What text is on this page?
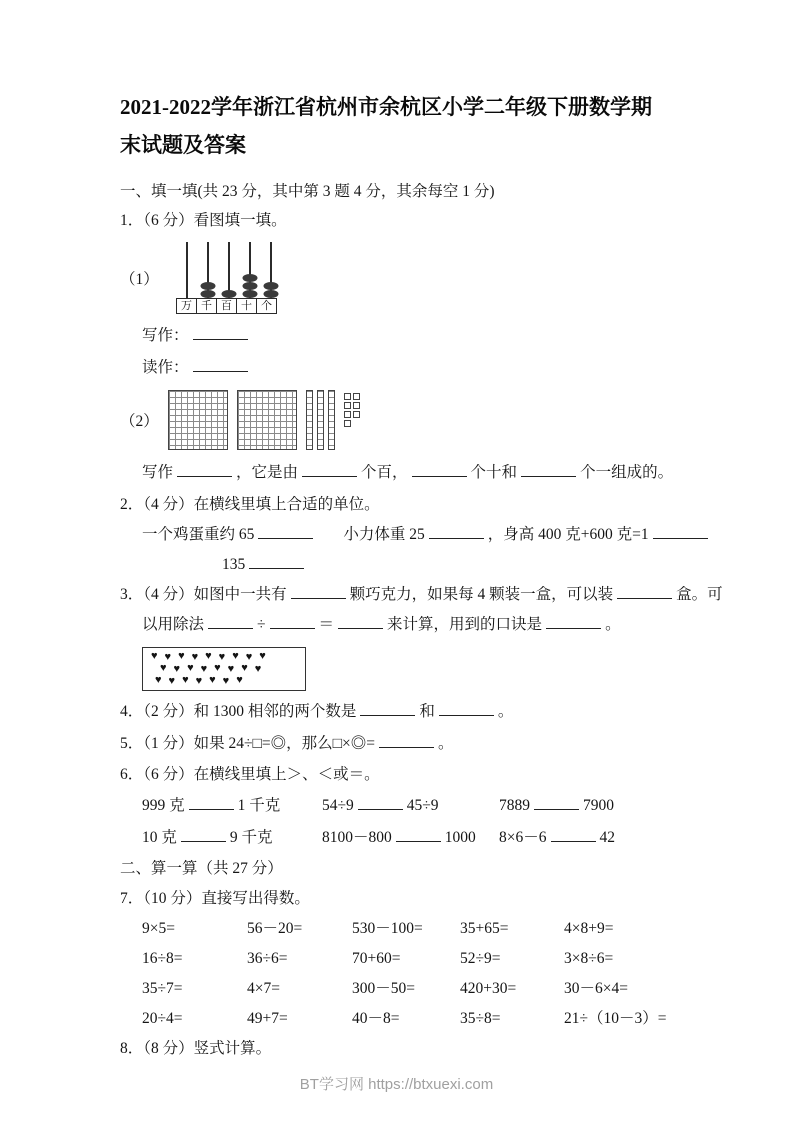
2021-2022学年浙江省杭州市余杭区小学二年级下册数学期
末试题及答案
一、填一填(共 23 分，其中第 3 题 4 分，其余每空 1 分)
1．（6 分）看图填一填。
（1）
万 千 百 十 个
写作：
读作：
（2）
写作	，它是由	个百，	个十和	个一组成的。
2．（4 分）在横线里填上合适的单位。
一个鸡蛋重约 65	小力体重 25	，身高 400 克+600 克=1
135
3．（4 分）如图中一共有	颗巧克力，如果每 4 颗装一盒，可以装	盒。可
以用除法	÷	＝	来计算，用到的口诀是	。
♥ ♥ ♥ ♥ ♥ ♥ ♥ ♥ ♥
♥ ♥ ♥ ♥ ♥ ♥ ♥ ♥
♥ ♥ ♥ ♥ ♥ ♥ ♥
4．（2 分）和 1300 相邻的两个数是	和	。
5．（1 分）如果 24÷□=◎，那么□×◎=	。
6．（6 分）在横线里填上＞、＜或＝。
999 克	1 千克	54÷9	45÷9	7889	7900
10 克	9 千克	8100－800	1000	8×6－6	42
二、算一算（共 27 分）
7．（10 分）直接写出得数。
9×5=	56－20=	530－100=	35+65=	4×8+9=
16÷8=	36÷6=	70+60=	52÷9=	3×8÷6=
35÷7=	4×7=	300－50=	420+30=	30－6×4=
20÷4=	49+7=	40－8=	35÷8=	21÷（10－3）=
8．（8 分）竖式计算。
BT学习网 https://btxuexi.com
